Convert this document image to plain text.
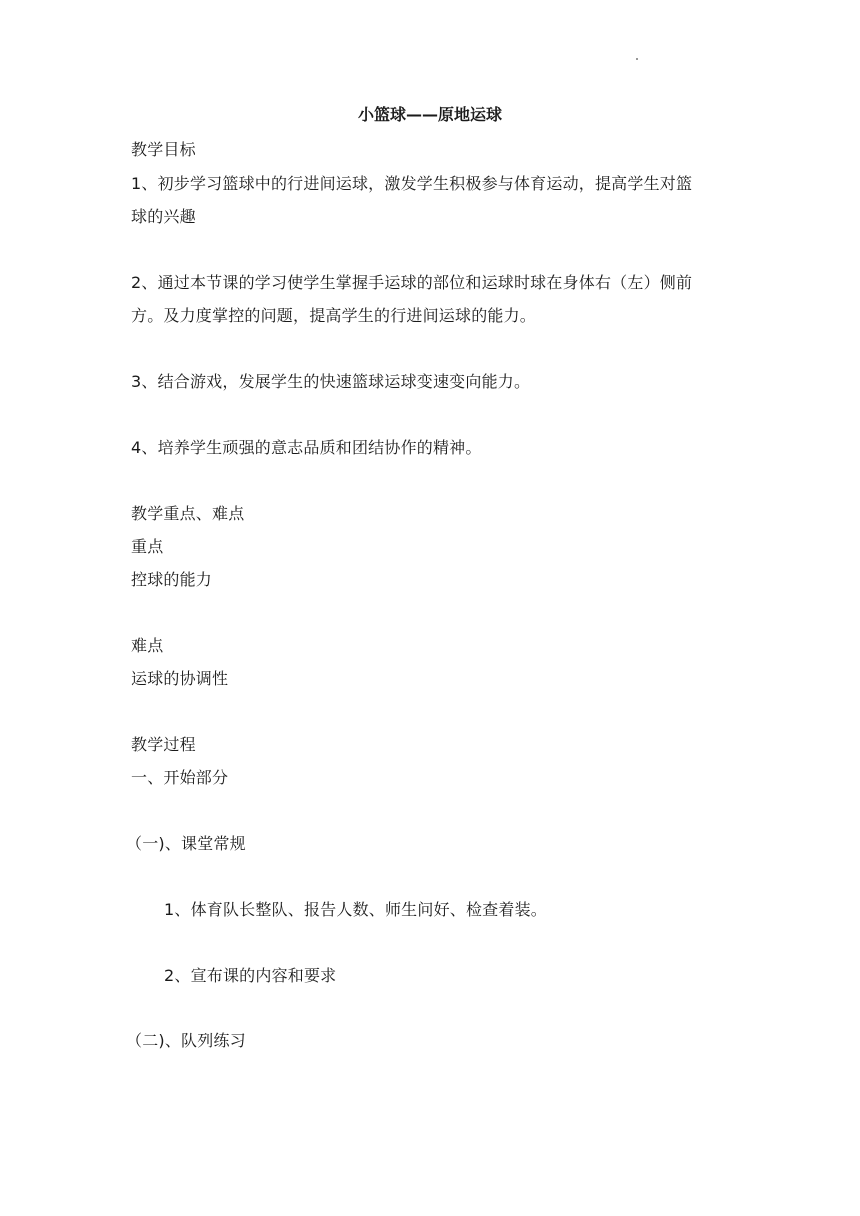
小篮球——原地运球
教学目标
1、初步学习篮球中的行进间运球，激发学生积极参与体育运动，提高学生对篮
球的兴趣
2、通过本节课的学习使学生掌握手运球的部位和运球时球在身体右（左）侧前
方。及力度掌控的问题，提高学生的行进间运球的能力。
3、结合游戏，发展学生的快速篮球运球变速变向能力。
4、培养学生顽强的意志品质和团结协作的精神。
教学重点、难点
重点
控球的能力
难点
运球的协调性
教学过程
一、开始部分
（一)、课堂常规
1、体育队长整队、报告人数、师生问好、检查着装。
2、宣布课的内容和要求
（二)、队列练习
